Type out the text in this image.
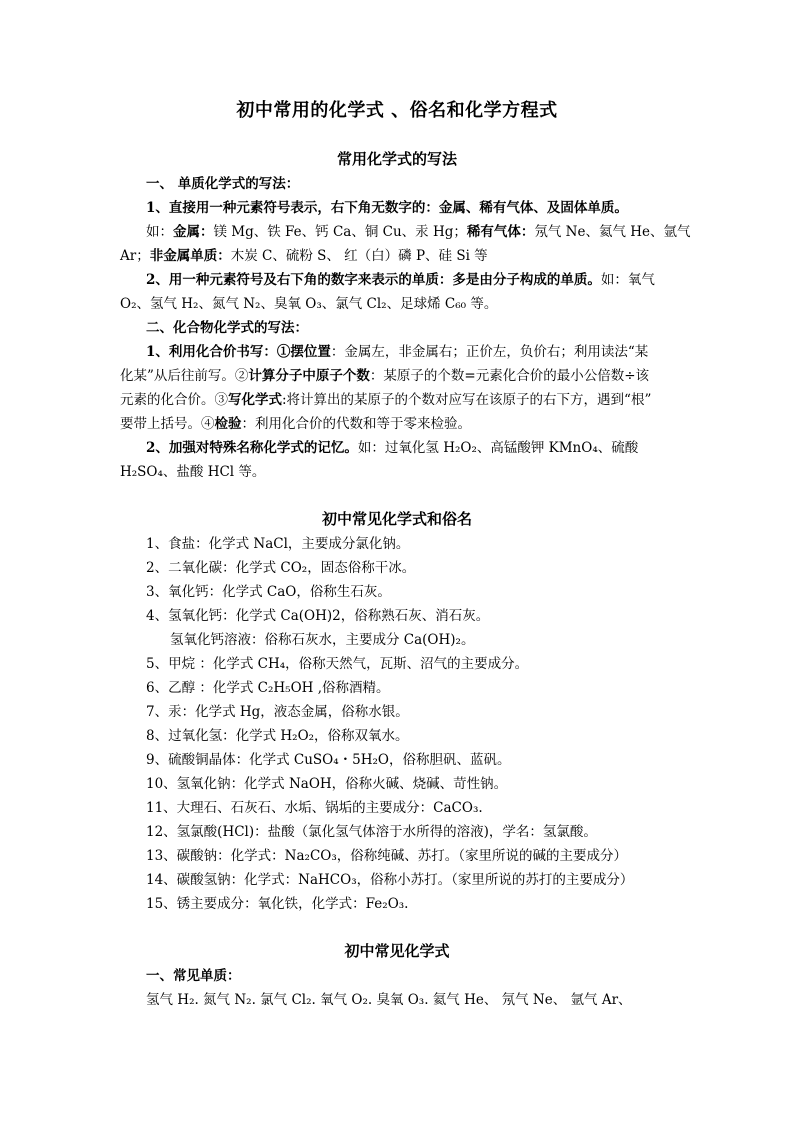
初中常用的化学式 、俗名和化学方程式
常用化学式的写法
一、 单质化学式的写法：
1、直接用一种元素符号表示，右下角无数字的：金属、稀有气体、及固体单质。
如：金属：镁 Mg、铁 Fe、钙 Ca、铜 Cu、汞 Hg；稀有气体：氖气 Ne、氦气 He、氩气
Ar；非金属单质：木炭 C、硫粉 S、 红（白）磷 P、硅 Si 等
2、用一种元素符号及右下角的数字来表示的单质：多是由分子构成的单质。如：氧气
O₂、氢气 H₂、氮气 N₂、臭氧 O₃、氯气 Cl₂、足球烯 C₆₀ 等。
二、化合物化学式的写法：
1、利用化合价书写：①摆位置：金属左，非金属右；正价左，负价右；利用读法“某
化某”从后往前写。②计算分子中原子个数：某原子的个数=元素化合价的最小公倍数÷该
元素的化合价。③写化学式:将计算出的某原子的个数对应写在该原子的右下方，遇到“根”
要带上括号。④检验：利用化合价的代数和等于零来检验。
2、加强对特殊名称化学式的记忆。如：过氧化氢 H₂O₂、高锰酸钾 KMnO₄、硫酸
H₂SO₄、盐酸 HCl 等。
初中常见化学式和俗名
1、食盐：化学式 NaCl，主要成分氯化钠。
2、二氧化碳：化学式 CO₂，固态俗称干冰。
3、氧化钙：化学式 CaO，俗称生石灰。
4、氢氧化钙：化学式 Ca(OH)2，俗称熟石灰、消石灰。
氢氧化钙溶液：俗称石灰水，主要成分 Ca(OH)₂。
5、甲烷 ：化学式 CH₄，俗称天然气，瓦斯、沼气的主要成分。
6、乙醇 ：化学式 C₂H₅OH ,俗称酒精。
7、汞：化学式 Hg，液态金属，俗称水银。
8、过氧化氢：化学式 H₂O₂，俗称双氧水。
9、硫酸铜晶体：化学式 CuSO₄・5H₂O，俗称胆矾、蓝矾。
10、氢氧化钠：化学式 NaOH，俗称火碱、烧碱、苛性钠。
11、大理石、石灰石、水垢、锅垢的主要成分：CaCO₃.
12、氢氯酸(HCl)：盐酸（氯化氢气体溶于水所得的溶液)，学名：氢氯酸。
13、碳酸钠：化学式：Na₂CO₃，俗称纯碱、苏打。（家里所说的碱的主要成分）
14、碳酸氢钠：化学式：NaHCO₃，俗称小苏打。（家里所说的苏打的主要成分）
15、锈主要成分：氧化铁，化学式：Fe₂O₃.
初中常见化学式
一、常见单质：
氢气 H₂. 氮气 N₂. 氯气 Cl₂. 氧气 O₂. 臭氧 O₃. 氦气 He、 氖气 Ne、 氩气 Ar、
